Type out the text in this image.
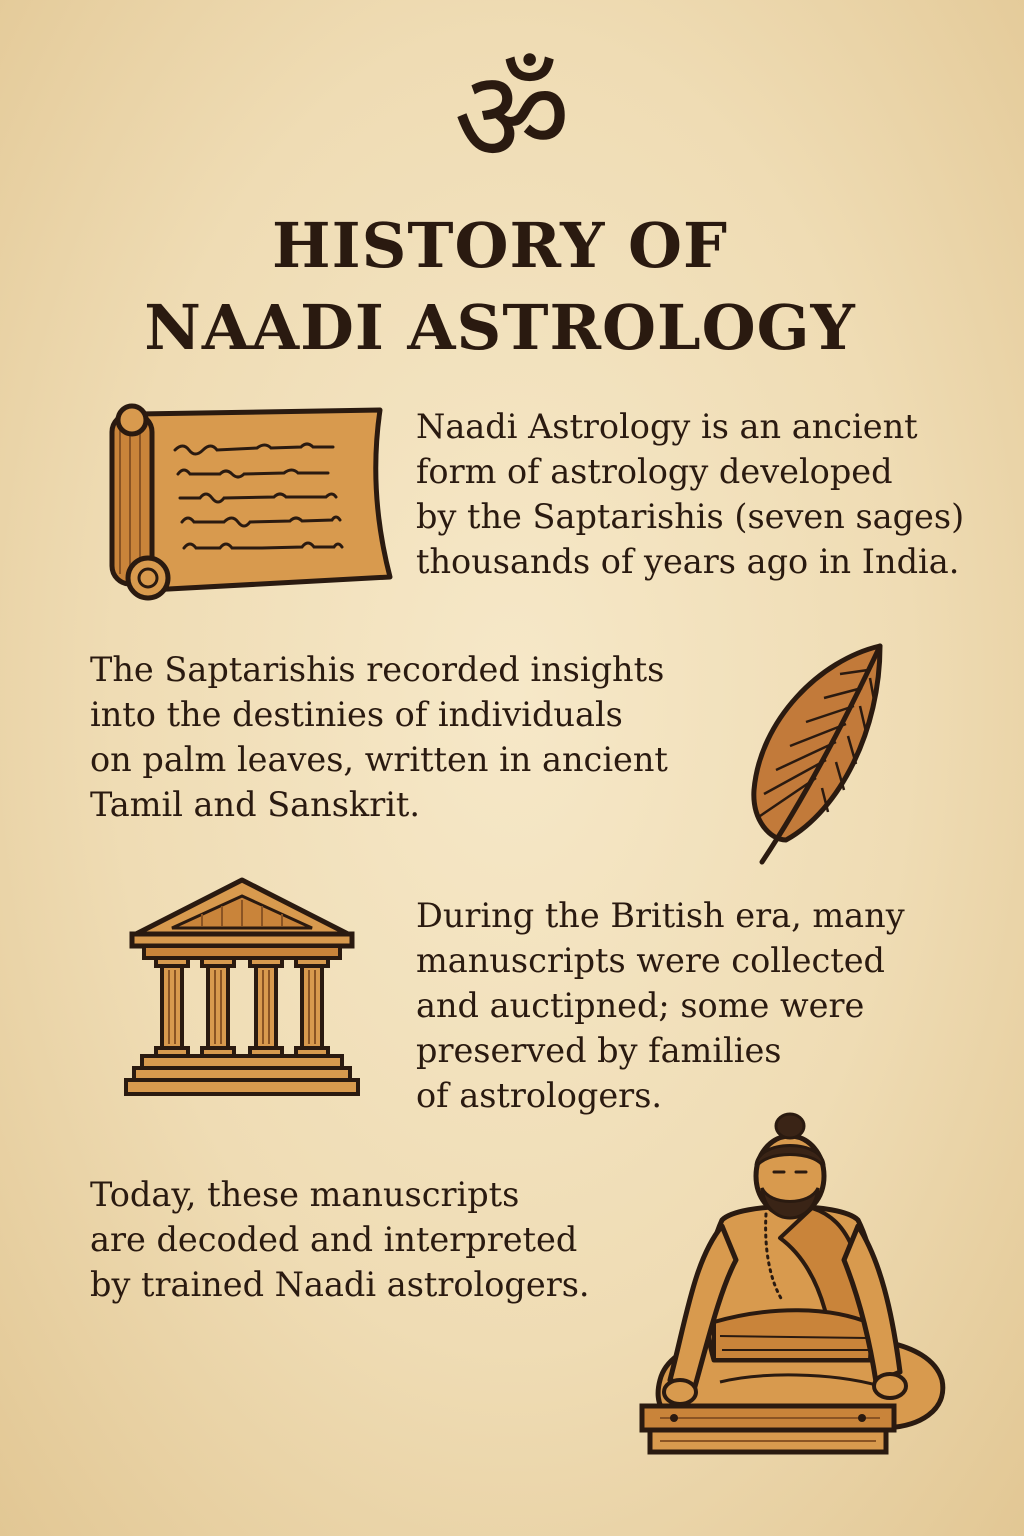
ॐ
HISTORY OF
NAADI ASTROLOGY

Naadi Astrology is an ancient
form of astrology developed
by the Saptarishis (seven sages)
thousands of years ago in India.

The Saptarishis recorded insights
into the destinies of individuals
on palm leaves, written in ancient
Tamil and Sanskrit.

During the British era, many
manuscripts were collected
and auctipned; some were
preserved by families
of astrologers.

Today, these manuscripts
are decoded and interpreted
by trained Naadi astrologers.
